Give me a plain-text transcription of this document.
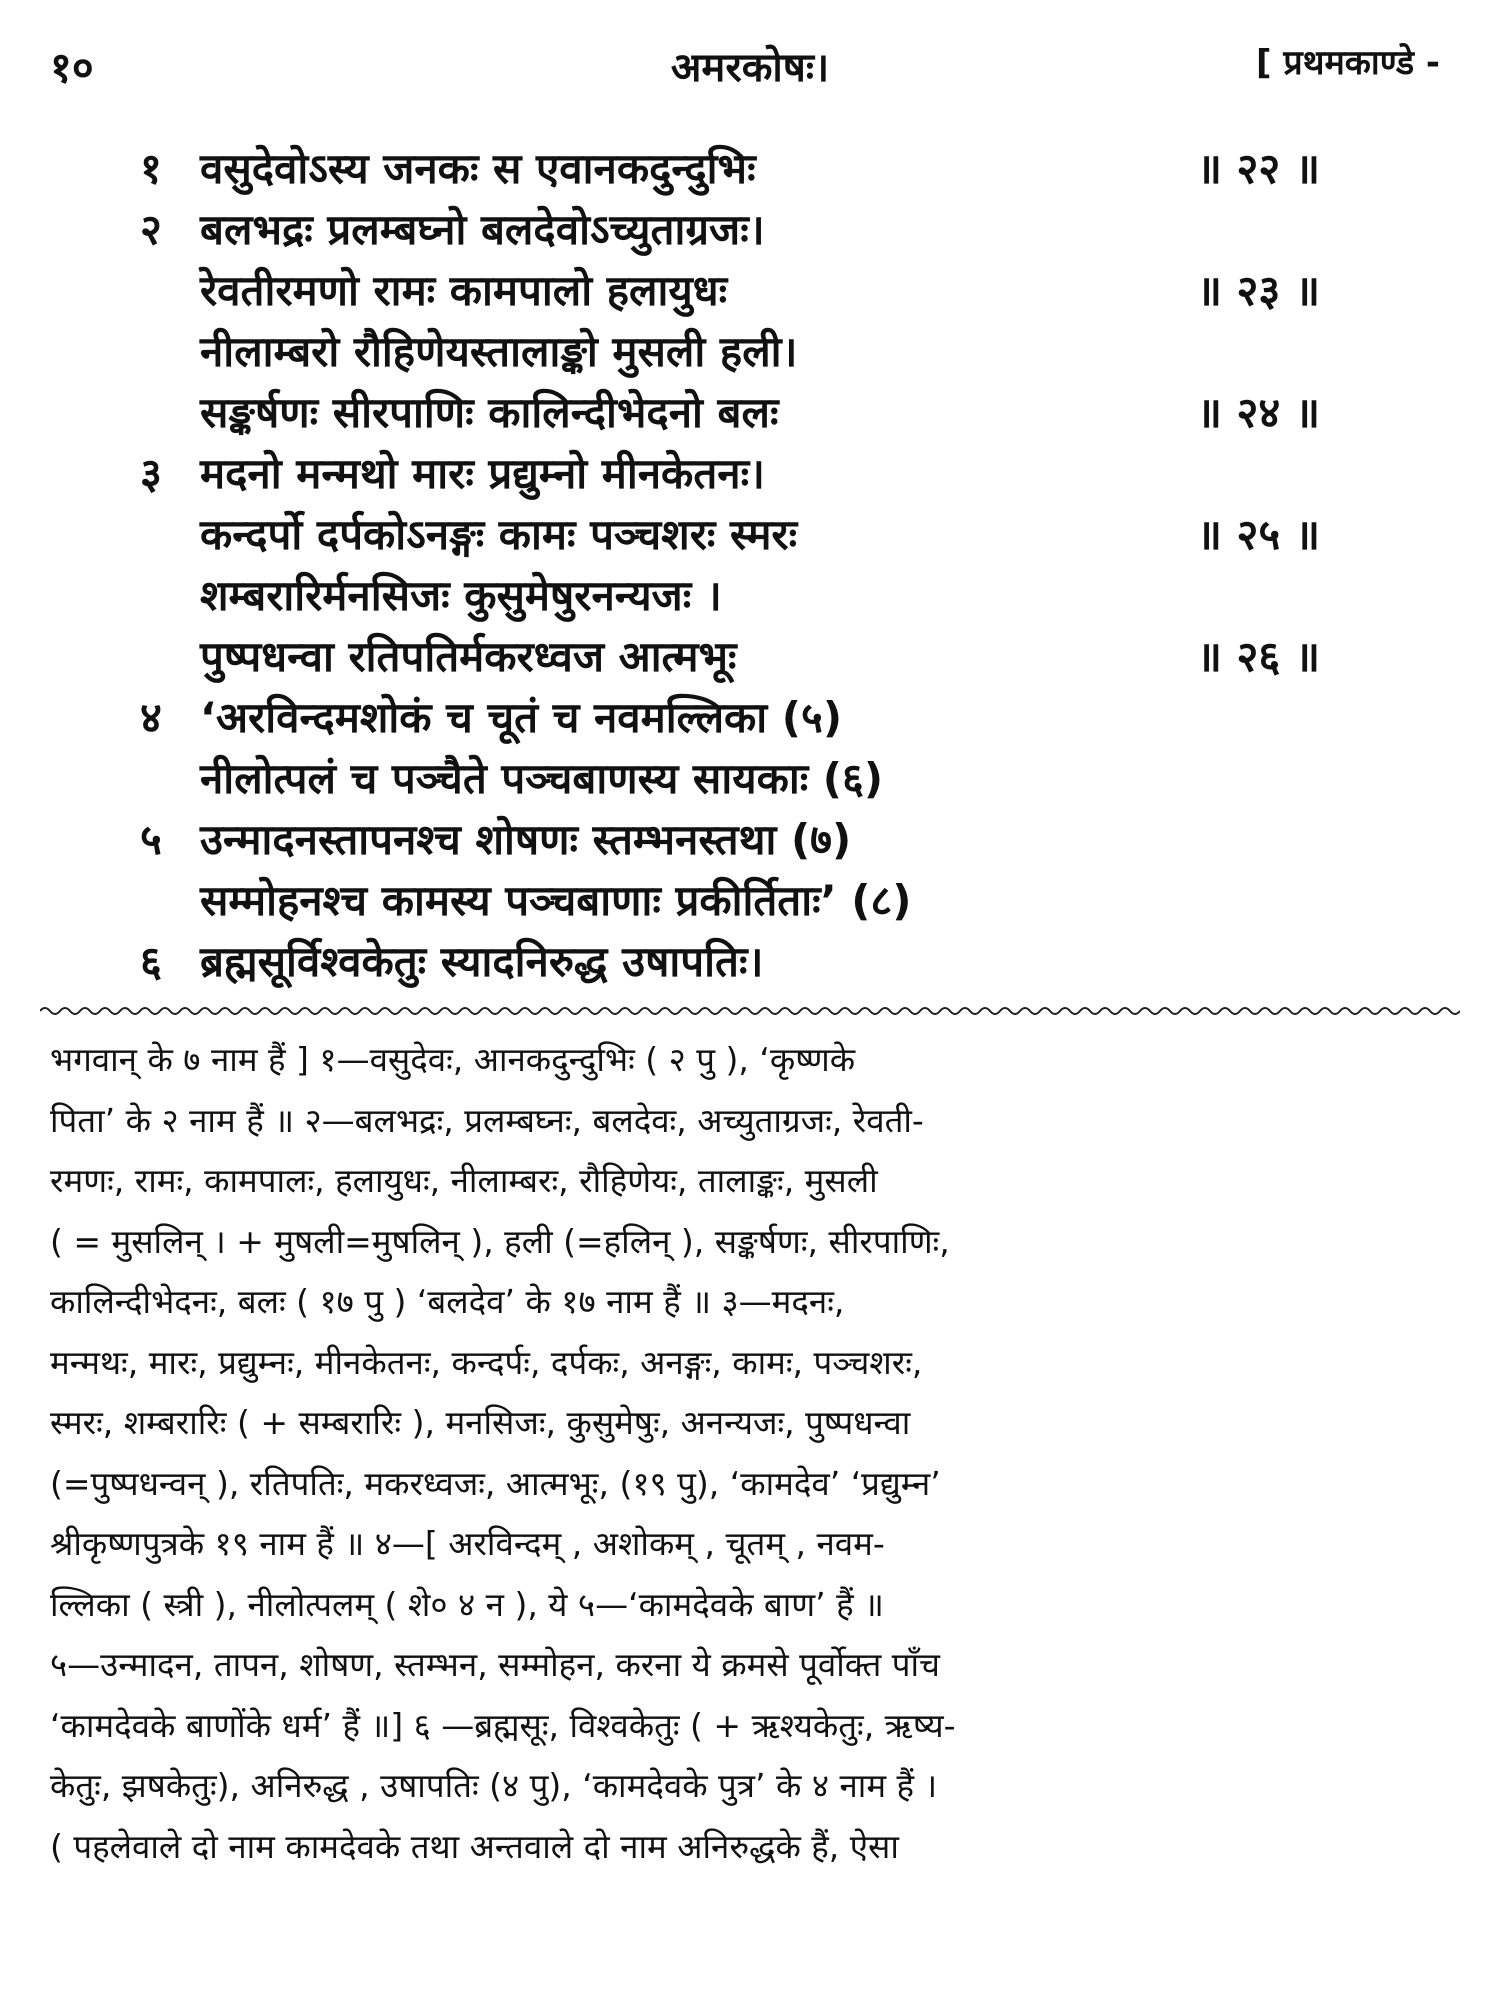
१०	अमरकोषः।	[ प्रथमकाण्डे -
१ वसुदेवोऽस्य जनकः स एवानकदुन्दुभिः	॥ २२ ॥
२ बलभद्रः प्रलम्बघ्नो बलदेवोऽच्युताग्रजः।
रेवतीरमणो रामः कामपालो हलायुधः	॥ २३ ॥
नीलाम्बरो रौहिणेयस्तालाङ्को मुसली हली।
सङ्कर्षणः सीरपाणिः कालिन्दीभेदनो बलः	॥ २४ ॥
३ मदनो मन्मथो मारः प्रद्युम्नो मीनकेतनः।
कन्दर्पो दर्पकोऽनङ्गः कामः पञ्चशरः स्मरः	॥ २५ ॥
शम्बरारिर्मनसिजः कुसुमेषुरनन्यजः ।
पुष्पधन्वा रतिपतिर्मकरध्वज आत्मभूः	॥ २६ ॥
४ ‘अरविन्दमशोकं च चूतं च नवमल्लिका (५)
नीलोत्पलं च पञ्चैते पञ्चबाणस्य सायकाः (६)
५ उन्मादनस्तापनश्च शोषणः स्तम्भनस्तथा (७)
सम्मोहनश्च कामस्य पञ्चबाणाः प्रकीर्तिताः’ (८)
६ ब्रह्मसूर्विश्वकेतुः स्यादनिरुद्ध उषापतिः।
भगवान् के ७ नाम हैं ] १—वसुदेवः, आनकदुन्दुभिः ( २ पु ), ‘कृष्णके
पिता’ के २ नाम हैं ॥ २—बलभद्रः, प्रलम्बघ्नः, बलदेवः, अच्युताग्रजः, रेवती-
रमणः, रामः, कामपालः, हलायुधः, नीलाम्बरः, रौहिणेयः, तालाङ्कः, मुसली
( = मुसलिन् । + मुषली=मुषलिन् ), हली (=हलिन् ), सङ्कर्षणः, सीरपाणिः,
कालिन्दीभेदनः, बलः ( १७ पु ) ‘बलदेव’ के १७ नाम हैं ॥ ३—मदनः,
मन्मथः, मारः, प्रद्युम्नः, मीनकेतनः, कन्दर्पः, दर्पकः, अनङ्गः, कामः, पञ्चशरः,
स्मरः, शम्बरारिः ( + सम्बरारिः ), मनसिजः, कुसुमेषुः, अनन्यजः, पुष्पधन्वा
(=पुष्पधन्वन् ), रतिपतिः, मकरध्वजः, आत्मभूः, (१९ पु), ‘कामदेव’ ‘प्रद्युम्न’
श्रीकृष्णपुत्रके १९ नाम हैं ॥ ४—[ अरविन्दम् , अशोकम् , चूतम् , नवम-
ल्लिका ( स्त्री ), नीलोत्पलम् ( शे० ४ न ), ये ५—‘कामदेवके बाण’ हैं ॥
५—उन्मादन, तापन, शोषण, स्तम्भन, सम्मोहन, करना ये क्रमसे पूर्वोक्त पाँच
‘कामदेवके बाणोंके धर्म’ हैं ॥] ६ —ब्रह्मसूः, विश्वकेतुः ( + ऋश्यकेतुः, ऋष्य-
केतुः, झषकेतुः), अनिरुद्ध , उषापतिः (४ पु), ‘कामदेवके पुत्र’ के ४ नाम हैं ।
( पहलेवाले दो नाम कामदेवके तथा अन्तवाले दो नाम अनिरुद्धके हैं, ऐसा
